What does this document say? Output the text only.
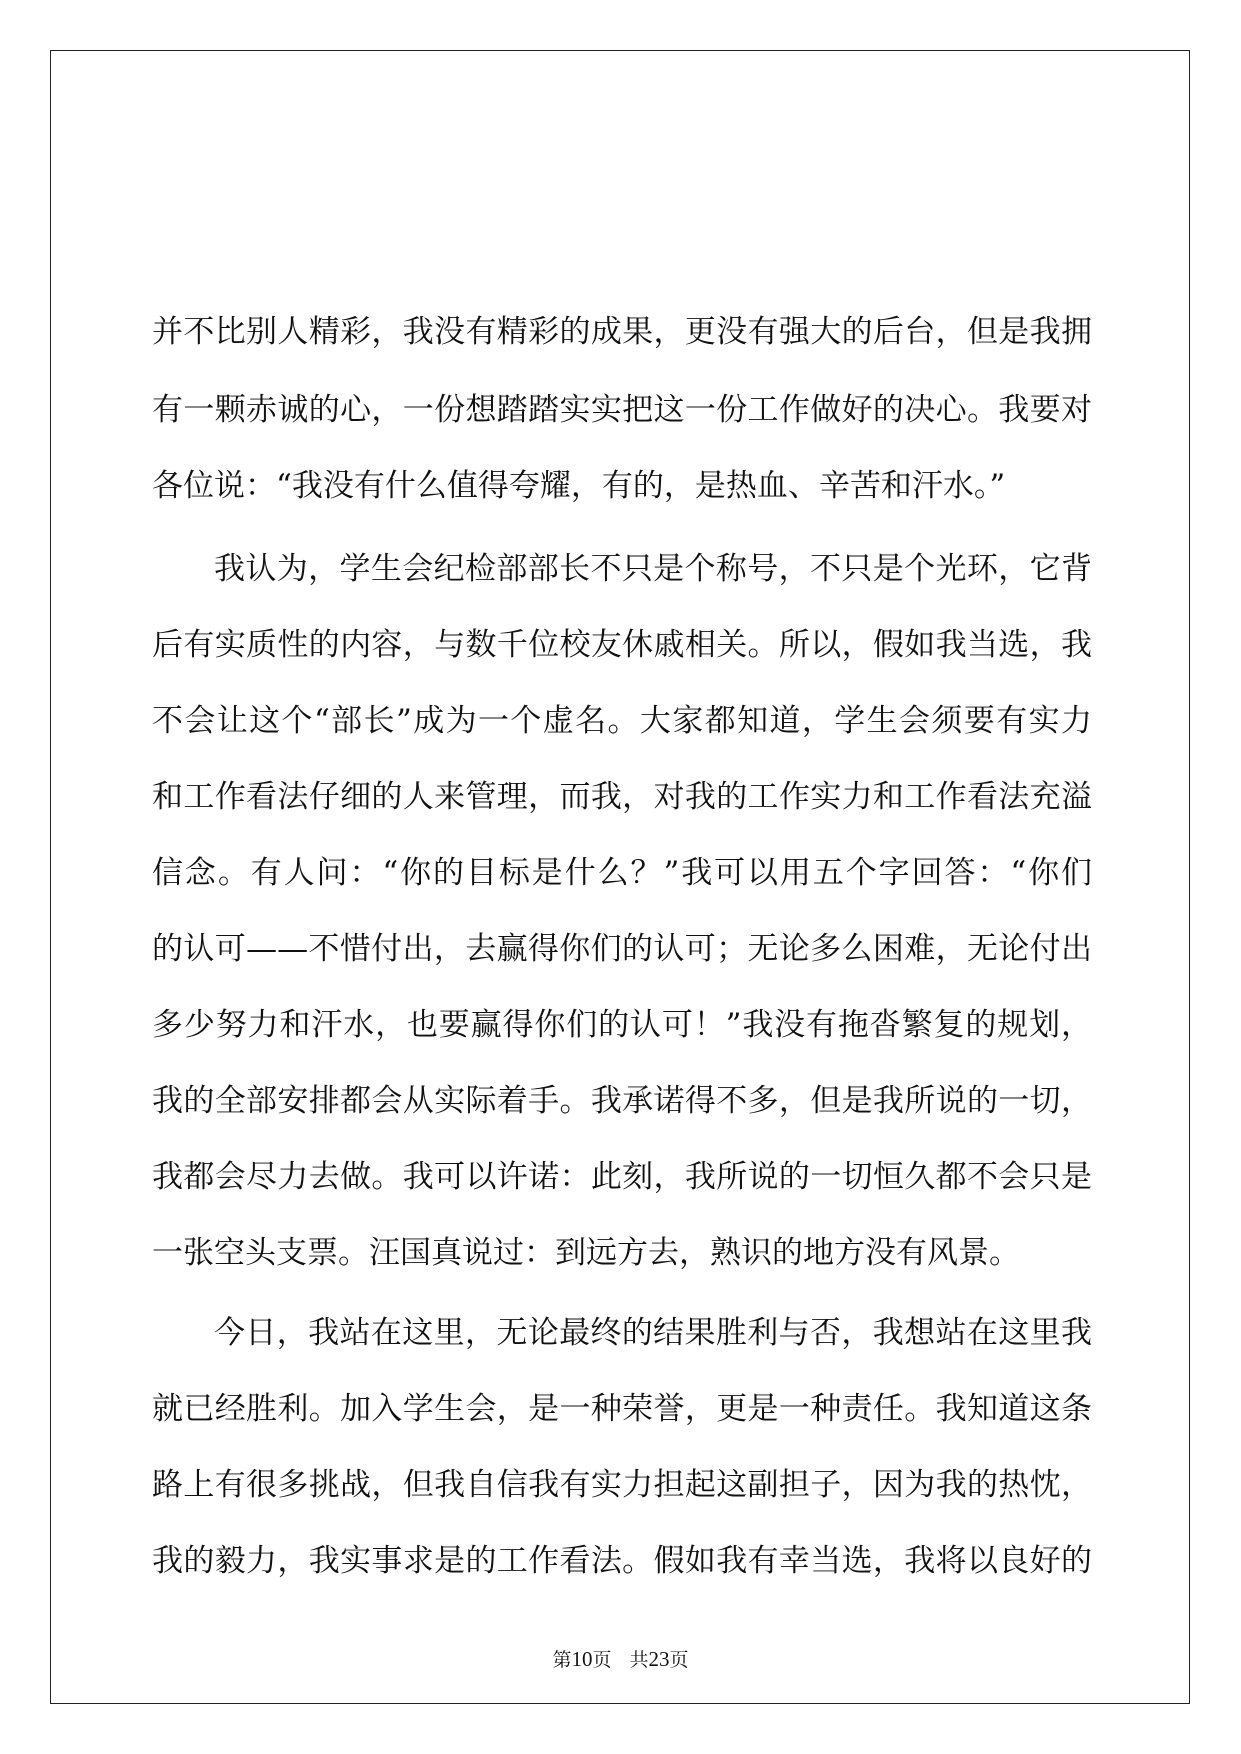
并不比别人精彩，我没有精彩的成果，更没有强大的后台，但是我拥
有一颗赤诚的心，一份想踏踏实实把这一份工作做好的决心。我要对
各位说：“我没有什么值得夸耀，有的，是热血、辛苦和汗水。”
我认为，学生会纪检部部长不只是个称号，不只是个光环，它背
后有实质性的内容，与数千位校友休戚相关。所以，假如我当选，我
不会让这个“部长”成为一个虚名。大家都知道，学生会须要有实力
和工作看法仔细的人来管理，而我，对我的工作实力和工作看法充溢
信念。有人问：“你的目标是什么？”我可以用五个字回答：“你们
的认可——不惜付出，去赢得你们的认可；无论多么困难，无论付出
多少努力和汗水，也要赢得你们的认可！”我没有拖沓繁复的规划，
我的全部安排都会从实际着手。我承诺得不多，但是我所说的一切，
我都会尽力去做。我可以许诺：此刻，我所说的一切恒久都不会只是
一张空头支票。汪国真说过：到远方去，熟识的地方没有风景。
今日，我站在这里，无论最终的结果胜利与否，我想站在这里我
就已经胜利。加入学生会，是一种荣誉，更是一种责任。我知道这条
路上有很多挑战，但我自信我有实力担起这副担子，因为我的热忱，
我的毅力，我实事求是的工作看法。假如我有幸当选，我将以良好的
第10页 共23页
